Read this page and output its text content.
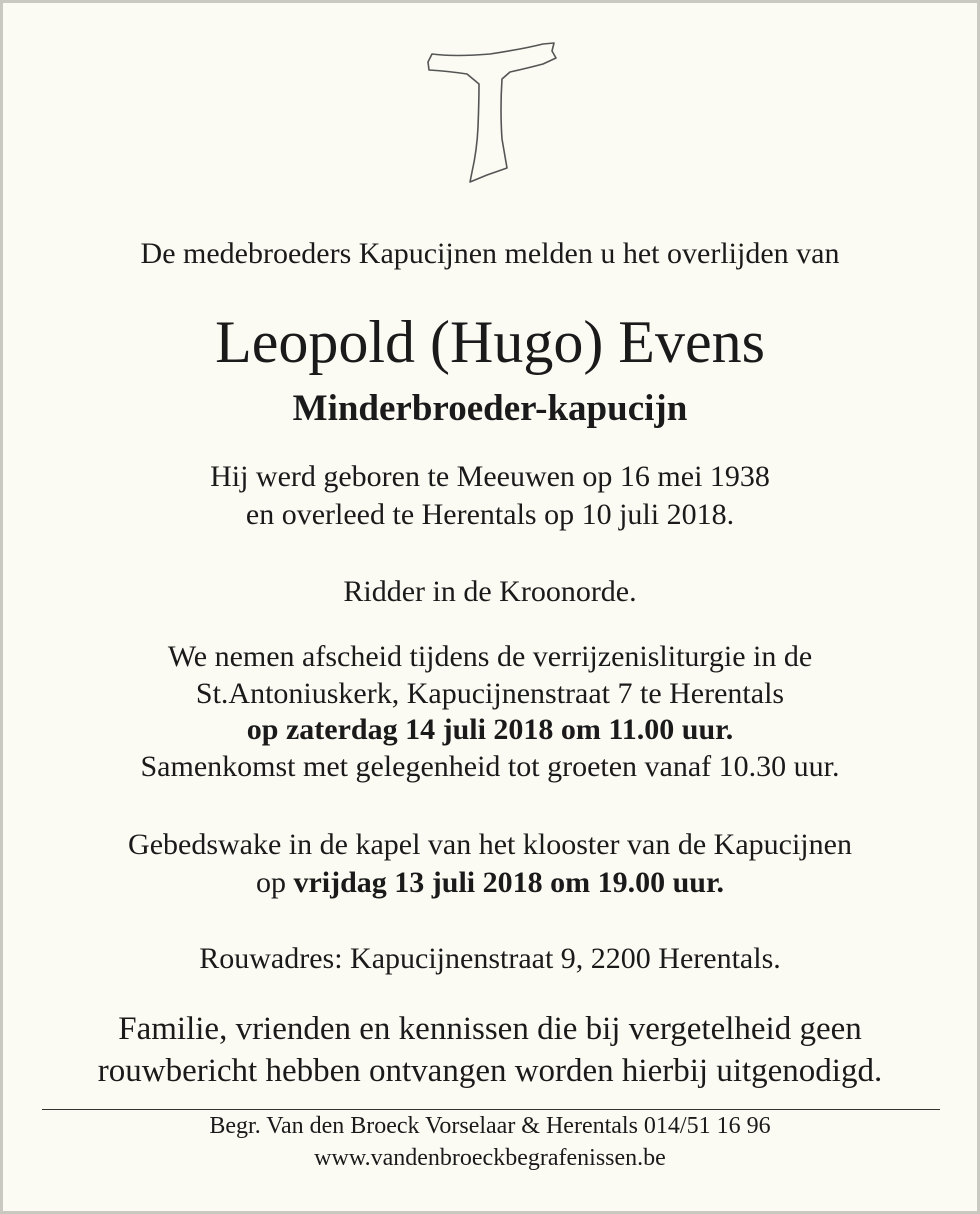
De medebroeders Kapucijnen melden u het overlijden van
Leopold (Hugo) Evens
Minderbroeder-kapucijn
Hij werd geboren te Meeuwen op 16 mei 1938
en overleed te Herentals op 10 juli 2018.
Ridder in de Kroonorde.
We nemen afscheid tijdens de verrijzenisliturgie in de
St.Antoniuskerk, Kapucijnenstraat 7 te Herentals
op zaterdag 14 juli 2018 om 11.00 uur.
Samenkomst met gelegenheid tot groeten vanaf 10.30 uur.
Gebedswake in de kapel van het klooster van de Kapucijnen
op vrijdag 13 juli 2018 om 19.00 uur.
Rouwadres: Kapucijnenstraat 9, 2200 Herentals.
Familie, vrienden en kennissen die bij vergetelheid geen
rouwbericht hebben ontvangen worden hierbij uitgenodigd.
Begr. Van den Broeck Vorselaar & Herentals 014/51 16 96
www.vandenbroeckbegrafenissen.be
